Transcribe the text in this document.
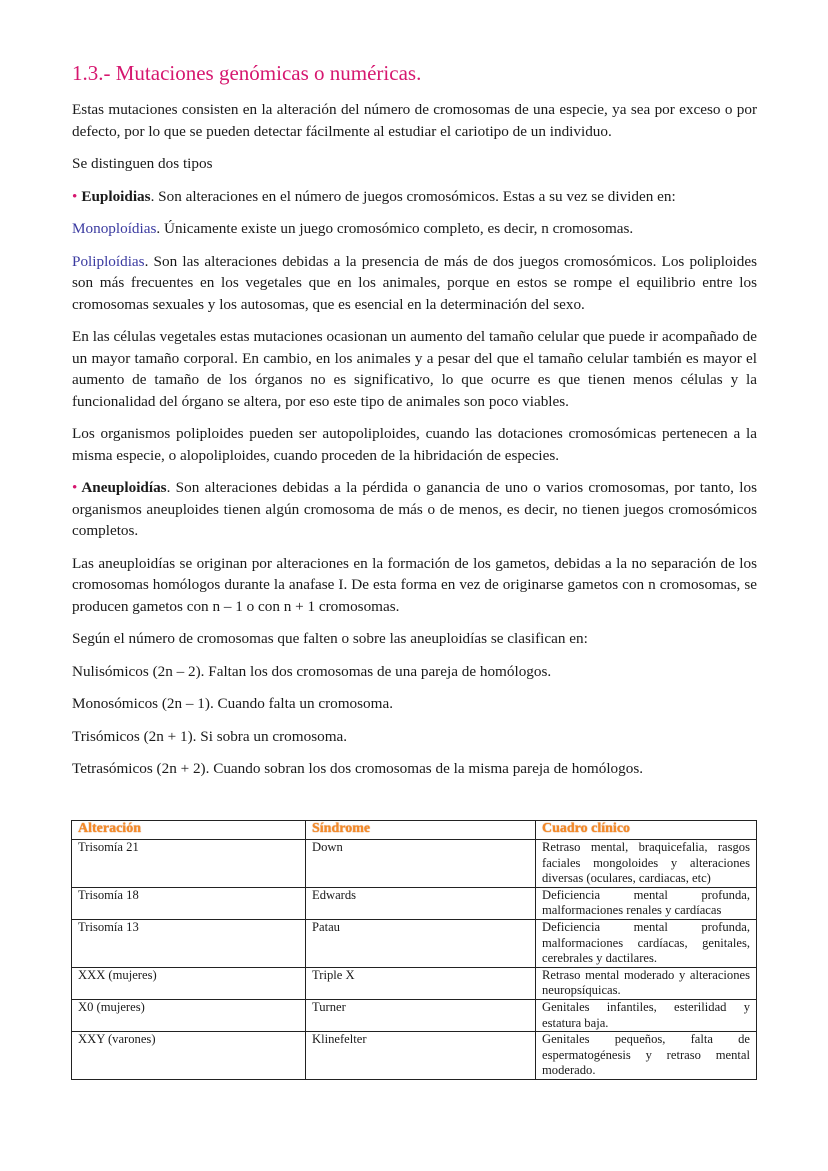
1.3.- Mutaciones genómicas o numéricas.

Estas mutaciones consisten en la alteración del número de cromosomas de una especie, ya sea por exceso o por defecto, por lo que se pueden detectar fácilmente al estudiar el cariotipo de un individuo.

Se distinguen dos tipos

• Euploidias. Son alteraciones en el número de juegos cromosómicos. Estas a su vez se dividen en:

Monoploídias. Únicamente existe un juego cromosómico completo, es decir, n cromosomas.

Poliploídias. Son las alteraciones debidas a la presencia de más de dos juegos cromosómicos. Los poliploides son más frecuentes en los vegetales que en los animales, porque en estos se rompe el equilibrio entre los cromosomas sexuales y los autosomas, que es esencial en la determinación del sexo.

En las células vegetales estas mutaciones ocasionan un aumento del tamaño celular que puede ir acompañado de un mayor tamaño corporal. En cambio, en los animales y a pesar del que el tamaño celular también es mayor el aumento de tamaño de los órganos no es significativo, lo que ocurre es que tienen menos células y la funcionalidad del órgano se altera, por eso este tipo de animales son poco viables.

Los organismos poliploides pueden ser autopoliploides, cuando las dotaciones cromosómicas pertenecen a la misma especie, o alopoliploides, cuando proceden de la hibridación de especies.

• Aneuploidías. Son alteraciones debidas a la pérdida o ganancia de uno o varios cromosomas, por tanto, los organismos aneuploides tienen algún cromosoma de más o de menos, es decir, no tienen juegos cromosómicos completos.

Las aneuploidías se originan por alteraciones en la formación de los gametos, debidas a la no separación de los cromosomas homólogos durante la anafase I. De esta forma en vez de originarse gametos con n cromosomas, se producen gametos con n – 1 o con n + 1 cromosomas.

Según el número de cromosomas que falten o sobre las aneuploidías se clasifican en:

Nulisómicos (2n – 2). Faltan los dos cromosomas de una pareja de homólogos.

Monosómicos (2n – 1). Cuando falta un cromosoma.

Trisómicos (2n + 1). Si sobra un cromosoma.

Tetrasómicos (2n + 2). Cuando sobran los dos cromosomas de la misma pareja de homólogos.

Alteración	Síndrome	Cuadro clínico
Trisomía 21	Down	Retraso mental, braquicefalia, rasgos faciales mongoloides y alteraciones diversas (oculares, cardiacas, etc)
Trisomía 18	Edwards	Deficiencia mental profunda, malformaciones renales y cardíacas
Trisomía 13	Patau	Deficiencia mental profunda, malformaciones cardíacas, genitales, cerebrales y dactilares.
XXX (mujeres)	Triple X	Retraso mental moderado y alteraciones neuropsíquicas.
X0 (mujeres)	Turner	Genitales infantiles, esterilidad y estatura baja.
XXY (varones)	Klinefelter	Genitales pequeños, falta de espermatogénesis y retraso mental moderado.
